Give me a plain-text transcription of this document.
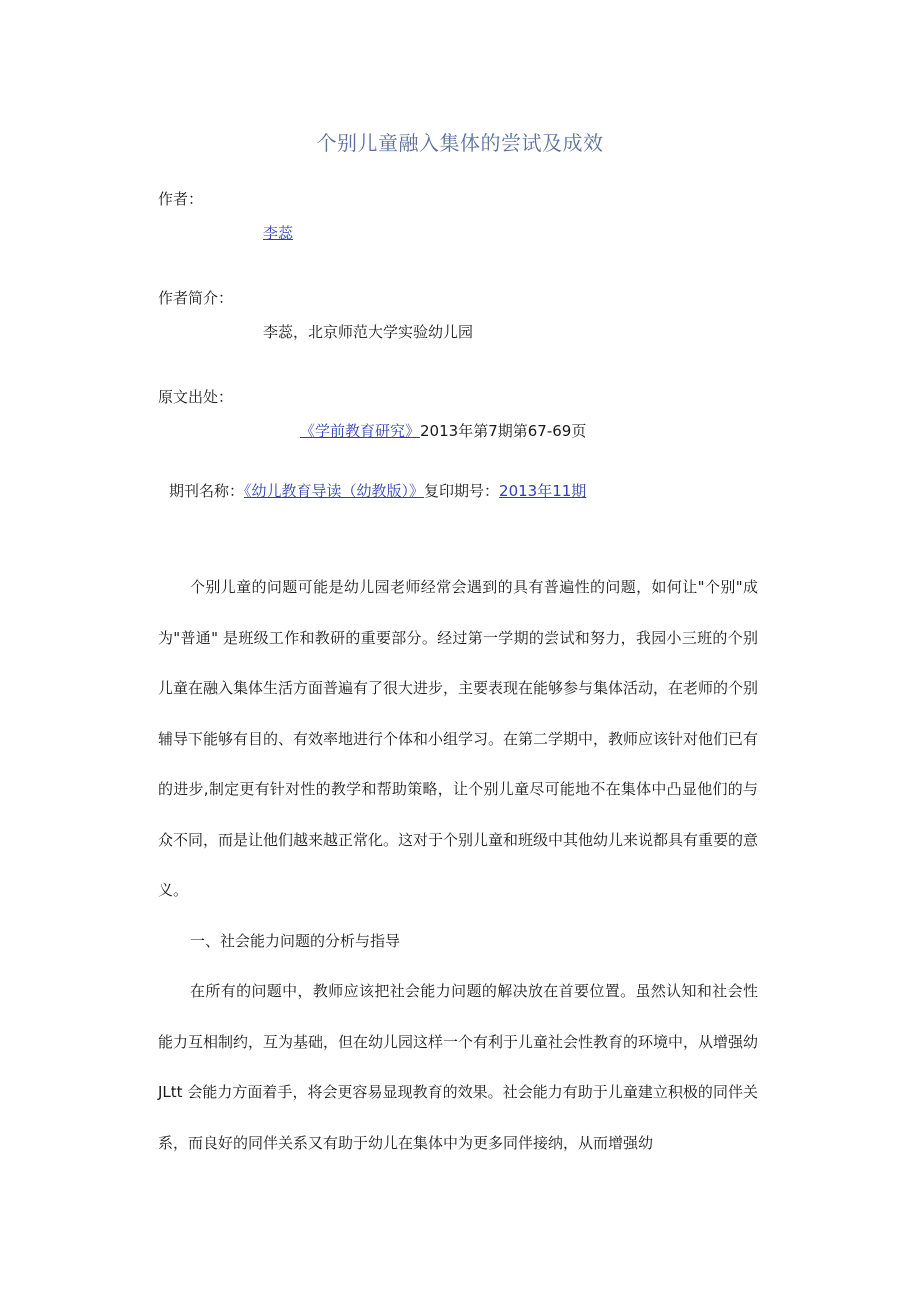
个别儿童融入集体的尝试及成效
作者：
李蕊
作者简介：
李蕊，北京师范大学实验幼儿园
原文出处：
《学前教育研究》2013年第7期第67-69页
期刊名称：《幼儿教育导读（幼教版）》复印期号：2013年11期

个别儿童的问题可能是幼儿园老师经常会遇到的具有普遍性的问题，如何让"个别"成为"普通" 是班级工作和教研的重要部分。经过第一学期的尝试和努力，我园小三班的个别儿童在融入集体生活方面普遍有了很大进步，主要表现在能够参与集体活动，在老师的个别辅导下能够有目的、有效率地进行个体和小组学习。在第二学期中，教师应该针对他们已有的进步,制定更有针对性的教学和帮助策略，让个别儿童尽可能地不在集体中凸显他们的与众不同，而是让他们越来越正常化。这对于个别儿童和班级中其他幼儿来说都具有重要的意义。

一、社会能力问题的分析与指导

在所有的问题中，教师应该把社会能力问题的解决放在首要位置。虽然认知和社会性能力互相制约，互为基础，但在幼儿园这样一个有利于儿童社会性教育的环境中，从增强幼 JLtt 会能力方面着手，将会更容易显现教育的效果。社会能力有助于儿童建立积极的同伴关系，而良好的同伴关系又有助于幼儿在集体中为更多同伴接纳，从而增强幼
